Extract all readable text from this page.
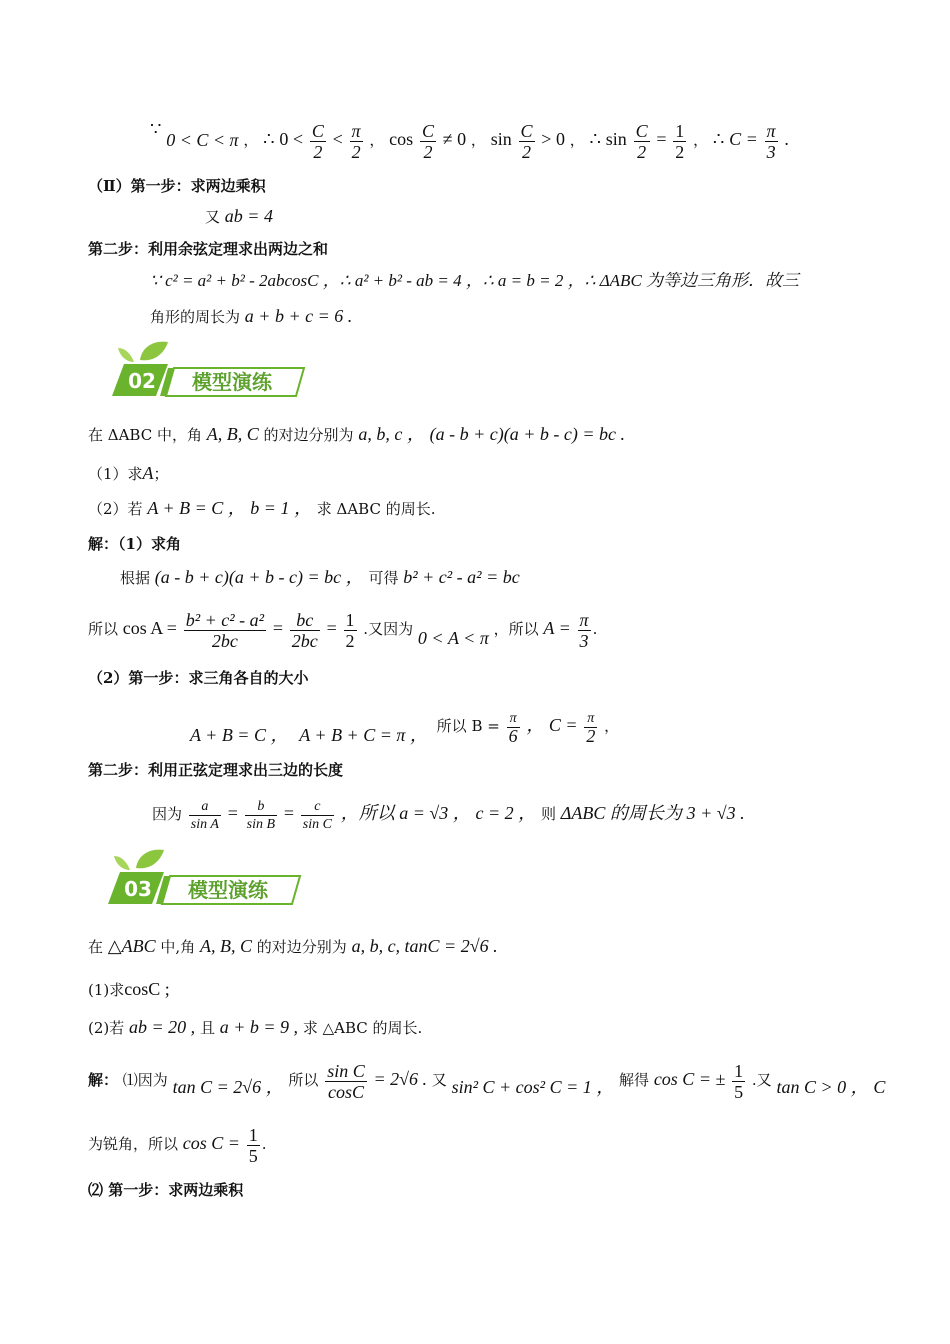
∵ 0 < C < π ， ∴ $0 < \frac{C}{2} < \frac{\pi}{2}$ ， $\cos \frac{C}{2} \ne 0$ ， $\sin \frac{C}{2} > 0$ ， ∴ $\sin \frac{C}{2} = \frac{1}{2}$ ， ∴ $C = \frac{\pi}{3}$ .
（Ⅱ）第一步：求两边乘积
又 ab = 4
第二步：利用余弦定理求出两边之和
∵ c² = a² + b² - 2abcosC ，∴ a² + b² - ab = 4 ，∴ a = b = 2 ，∴ ΔABC 为等边三角形．故三
角形的周长为 a + b + c = 6 .
02	模型演练
在 ΔABC 中，角 A, B, C 的对边分别为 a, b, c ， (a - b + c)(a + b - c) = bc .
（1）求A；
（2）若 A + B = C ， b = 1 ， 求 ΔABC 的周长.
解：（1）求角
根据 (a - b + c)(a + b - c) = bc ， 可得 b² + c² - a² = bc
所以 $\cos A = \frac{\text{b² + c² - a²}}{2bc} = \frac{bc}{2bc} = \frac{1}{2}$ .又因为 0 < A < π ，所以 $A = \frac{\pi}{3}$ .
（2）第一步：求三角各自的大小
A + B = C ， A + B + C = π ， 所以 $B = \frac{\pi}{6}$ ， $C = \frac{\pi}{2}$ ，
第二步：利用正弦定理求出三边的长度
因为 $\frac{a}{\text{sin A}} = \frac{b}{\text{sin B}} = \frac{c}{\text{sin C}}$ ，所以 a = √3 ， c = 2 ， 则 ΔABC 的周长为 3 + √3 .
03	模型演练
在 △ABC 中,角 A, B, C 的对边分别为 a, b, c, tanC = 2√6 .
(1)求cosC ;
(2)若 ab = 20 , 且 a + b = 9 , 求 △ABC 的周长.
解： ⑴因为 tan C = 2√6 ， 所以 $\frac{\text{sin C}}{\cos C} = 2√6$ . 又 sin² C + cos² C = 1 ， 解得 cos C = ± $\frac{1}{5}$ .又 tan C > 0 ， C
为锐角，所以 $\cos C = \frac{1}{5}$ .
⑵ 第一步：求两边乘积
